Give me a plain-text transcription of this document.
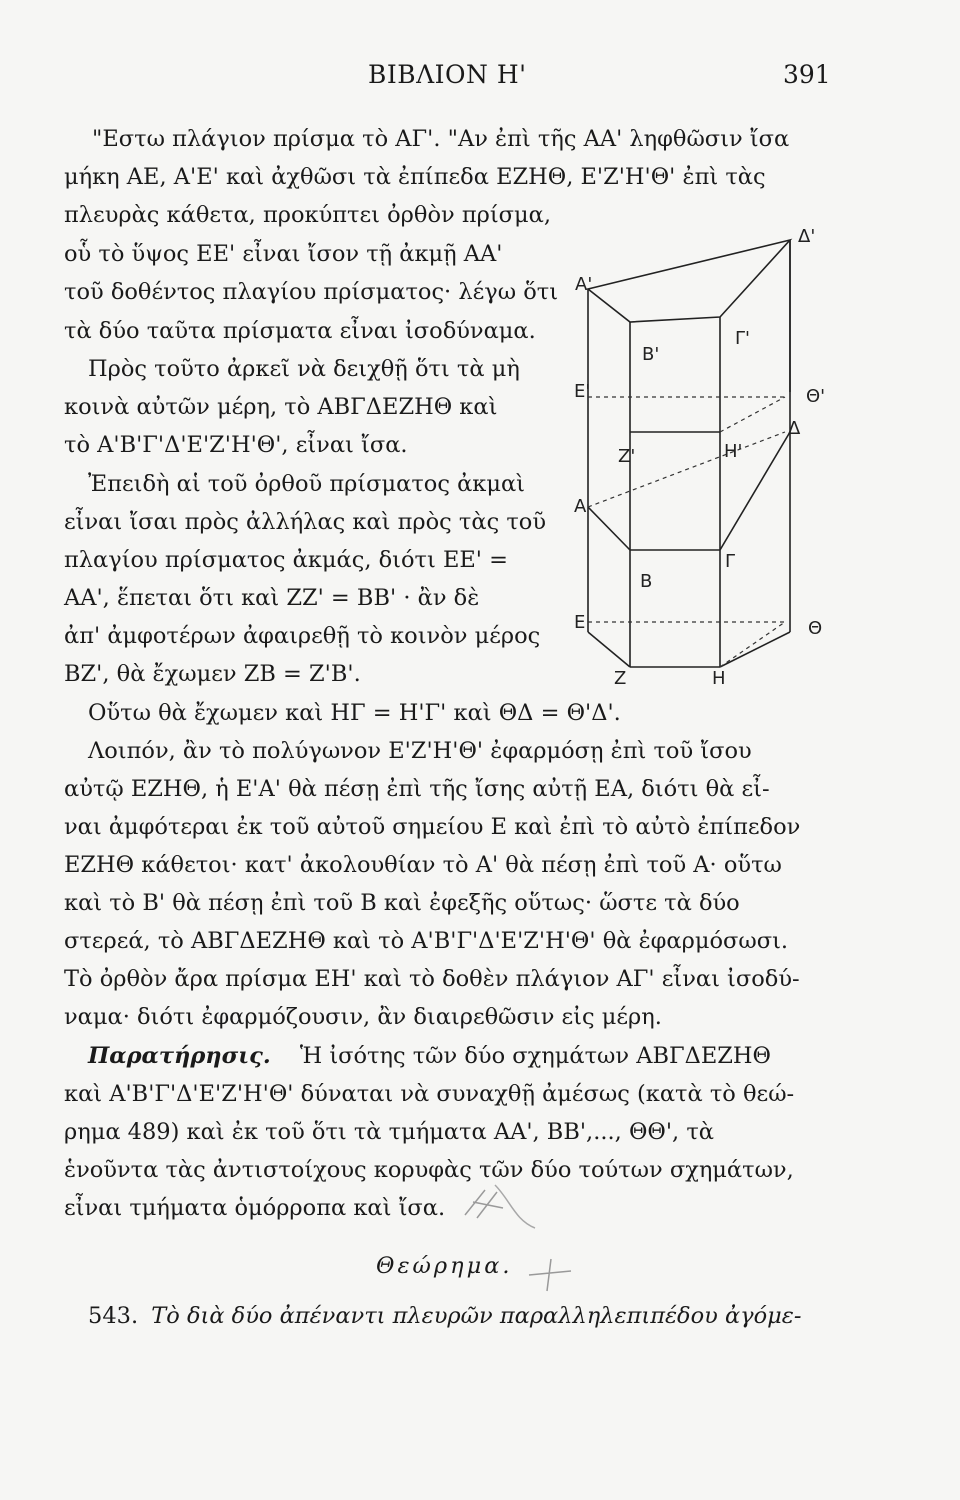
ΒΙΒΛΙΟΝ Η'	391
"Εστω πλάγιον πρίσμα τὸ ΑΓ'. "Αν ἐπὶ τῆς ΑΑ' ληφθῶσιν ἴσα
μήκη ΑΕ, Α'Ε' καὶ ἀχθῶσι τὰ ἐπίπεδα ΕΖΗΘ, Ε'Ζ'Η'Θ' ἐπὶ τὰς
πλευρὰς κάθετα, προκύπτει ὀρθὸν πρίσμα,
οὗ τὸ ὕψος ΕΕ' εἶναι ἴσον τῇ ἀκμῇ ΑΑ'
τοῦ δοθέντος πλαγίου πρίσματος· λέγω ὅτι
τὰ δύο ταῦτα πρίσματα εἶναι ἰσοδύναμα.
Πρὸς τοῦτο ἀρκεῖ νὰ δειχθῇ ὅτι τὰ μὴ
κοινὰ αὐτῶν μέρη, τὸ ΑΒΓΔΕΖΗΘ καὶ
τὸ Α'Β'Γ'Δ'Ε'Ζ'Η'Θ', εἶναι ἴσα.
Ἐπειδὴ αἱ τοῦ ὀρθοῦ πρίσματος ἀκμαὶ
εἶναι ἴσαι πρὸς ἀλλήλας καὶ πρὸς τὰς τοῦ
πλαγίου πρίσματος ἀκμάς, διότι ΕΕ' =
ΑΑ', ἕπεται ὅτι καὶ ΖΖ' = ΒΒ' · ἂν δὲ
ἀπ' ἀμφοτέρων ἀφαιρεθῇ τὸ κοινὸν μέρος
ΒΖ', θὰ ἔχωμεν ΖΒ = Ζ'Β'.
Οὕτω θὰ ἔχωμεν καὶ ΗΓ = Η'Γ' καὶ ΘΔ = Θ'Δ'.
Λοιπόν, ἂν τὸ πολύγωνον Ε'Ζ'Η'Θ' ἐφαρμόσῃ ἐπὶ τοῦ ἴσου
αὐτῷ ΕΖΗΘ, ἡ Ε'Α' θὰ πέσῃ ἐπὶ τῆς ἴσης αὐτῇ ΕΑ, διότι θὰ εἶ-
ναι ἀμφότεραι ἐκ τοῦ αὐτοῦ σημείου Ε καὶ ἐπὶ τὸ αὐτὸ ἐπίπεδον
ΕΖΗΘ κάθετοι· κατ' ἀκολουθίαν τὸ Α' θὰ πέσῃ ἐπὶ τοῦ Α· οὕτω
καὶ τὸ Β' θὰ πέσῃ ἐπὶ τοῦ Β καὶ ἐφεξῆς οὕτως· ὥστε τὰ δύο
στερεά, τὸ ΑΒΓΔΕΖΗΘ καὶ τὸ Α'Β'Γ'Δ'Ε'Ζ'Η'Θ' θὰ ἐφαρμόσωσι.
Τὸ ὀρθὸν ἄρα πρίσμα ΕΗ' καὶ τὸ δοθὲν πλάγιον ΑΓ' εἶναι ἰσοδύ-
ναμα· διότι ἐφαρμόζουσιν, ἂν διαιρεθῶσιν εἰς μέρη.
Παρατήρησις. Ἡ ἰσότης τῶν δύο σχημάτων ΑΒΓΔΕΖΗΘ
καὶ Α'Β'Γ'Δ'Ε'Ζ'Η'Θ' δύναται νὰ συναχθῇ ἀμέσως (κατὰ τὸ θεώ-
ρημα 489) καὶ ἐκ τοῦ ὅτι τὰ τμήματα ΑΑ', ΒΒ',..., ΘΘ', τὰ
ἑνοῦντα τὰς ἀντιστοίχους κορυφὰς τῶν δύο τούτων σχημάτων,
εἶναι τμήματα ὁμόρροπα καὶ ἴσα.
Θεώρημα.
543. Τὸ διὰ δύο ἀπέναντι πλευρῶν παραλληλεπιπέδου ἀγόμε-
A'
Δ'
B'
Γ'
E'	Θ'
Δ
Z'	H'
A
B
Γ
E	Θ
Z	H
